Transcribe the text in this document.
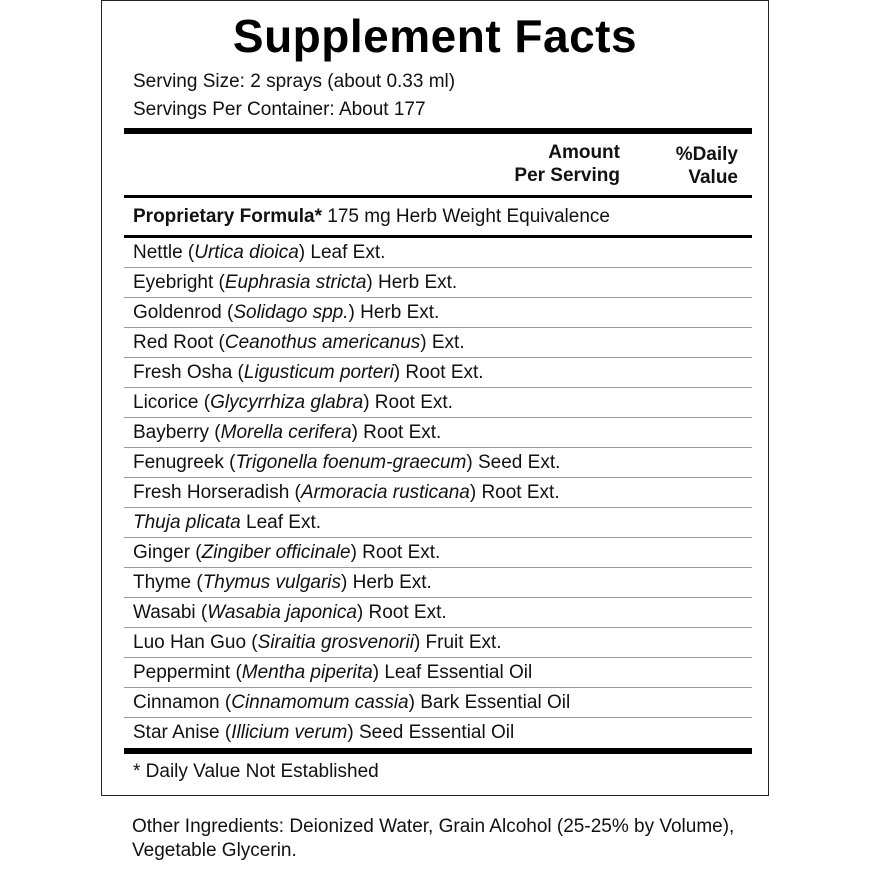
Supplement Facts
Serving Size: 2 sprays (about 0.33 ml)
Servings Per Container: About 177
Amount
Per Serving
%Daily
Value
Proprietary Formula* 175 mg Herb Weight Equivalence
Nettle (Urtica dioica) Leaf Ext.
Eyebright (Euphrasia stricta) Herb Ext.
Goldenrod (Solidago spp.) Herb Ext.
Red Root (Ceanothus americanus) Ext.
Fresh Osha (Ligusticum porteri) Root Ext.
Licorice (Glycyrrhiza glabra) Root Ext.
Bayberry (Morella cerifera) Root Ext.
Fenugreek (Trigonella foenum-graecum) Seed Ext.
Fresh Horseradish (Armoracia rusticana) Root Ext.
Thuja plicata Leaf Ext.
Ginger (Zingiber officinale) Root Ext.
Thyme (Thymus vulgaris) Herb Ext.
Wasabi (Wasabia japonica) Root Ext.
Luo Han Guo (Siraitia grosvenorii) Fruit Ext.
Peppermint (Mentha piperita) Leaf Essential Oil
Cinnamon (Cinnamomum cassia) Bark Essential Oil
Star Anise (Illicium verum) Seed Essential Oil
* Daily Value Not Established
Other Ingredients: Deionized Water, Grain Alcohol (25-25% by Volume), Vegetable Glycerin.
